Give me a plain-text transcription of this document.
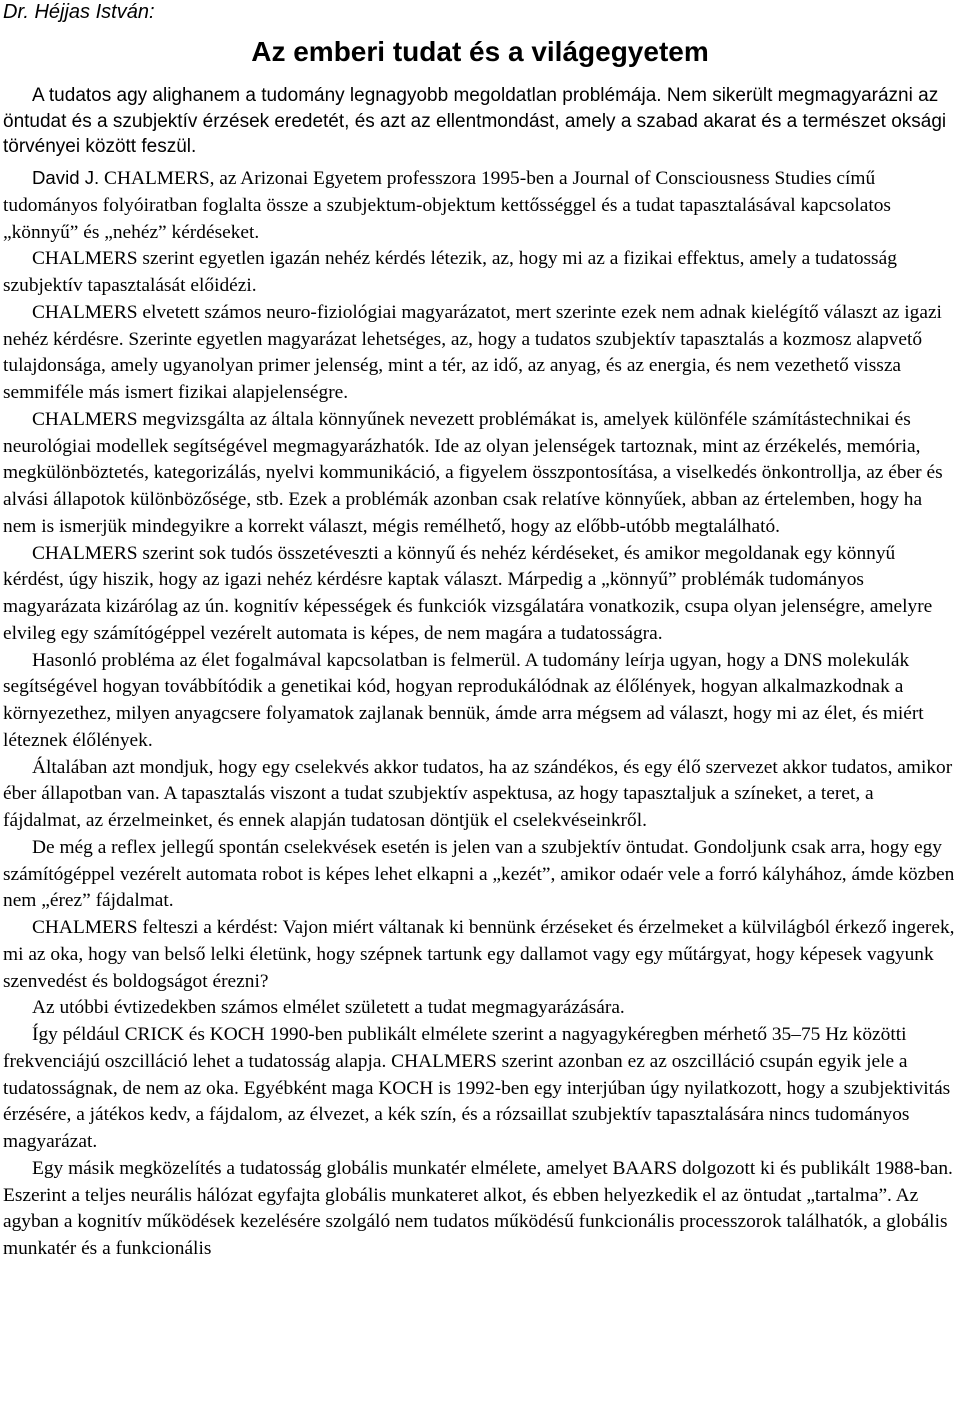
Dr. Héjjas István:

Az emberi tudat és a világegyetem

A tudatos agy alighanem a tudomány legnagyobb megoldatlan problémája. Nem sikerült megmagyarázni az öntudat és a szubjektív érzések eredetét, és azt az ellentmondást, amely a szabad akarat és a természet oksági törvényei között feszül.

David J. CHALMERS, az Arizonai Egyetem professzora 1995-ben a Journal of Consciousness Studies című tudományos folyóiratban foglalta össze a szubjektum-objektum kettősséggel és a tudat tapasztalásával kapcsolatos „könnyű” és „nehéz” kérdéseket.

CHALMERS szerint egyetlen igazán nehéz kérdés létezik, az, hogy mi az a fizikai effektus, amely a tudatosság szubjektív tapasztalását előidézi.

CHALMERS elvetett számos neuro-fiziológiai magyarázatot, mert szerinte ezek nem adnak kielégítő választ az igazi nehéz kérdésre. Szerinte egyetlen magyarázat lehetséges, az, hogy a tudatos szubjektív tapasztalás a kozmosz alapvető tulajdonsága, amely ugyanolyan primer jelenség, mint a tér, az idő, az anyag, és az energia, és nem vezethető vissza semmiféle más ismert fizikai alapjelenségre.

CHALMERS megvizsgálta az általa könnyűnek nevezett problémákat is, amelyek különféle számítástechnikai és neurológiai modellek segítségével megmagyarázhatók. Ide az olyan jelenségek tartoznak, mint az érzékelés, memória, megkülönböztetés, kategorizálás, nyelvi kommunikáció, a figyelem összpontosítása, a viselkedés önkontrollja, az éber és alvási állapotok különbözősége, stb. Ezek a problémák azonban csak relatíve könnyűek, abban az értelemben, hogy ha nem is ismerjük mindegyikre a korrekt választ, mégis remélhető, hogy az előbb-utóbb megtalálható.

CHALMERS szerint sok tudós összetéveszti a könnyű és nehéz kérdéseket, és amikor megoldanak egy könnyű kérdést, úgy hiszik, hogy az igazi nehéz kérdésre kaptak választ. Márpedig a „könnyű” problémák tudományos magyarázata kizárólag az ún. kognitív képességek és funkciók vizsgálatára vonatkozik, csupa olyan jelenségre, amelyre elvileg egy számítógéppel vezérelt automata is képes, de nem magára a tudatosságra.

Hasonló probléma az élet fogalmával kapcsolatban is felmerül. A tudomány leírja ugyan, hogy a DNS molekulák segítségével hogyan továbbítódik a genetikai kód, hogyan reprodukálódnak az élőlények, hogyan alkalmazkodnak a környezethez, milyen anyagcsere folyamatok zajlanak bennük, ámde arra mégsem ad választ, hogy mi az élet, és miért léteznek élőlények.

Általában azt mondjuk, hogy egy cselekvés akkor tudatos, ha az szándékos, és egy élő szervezet akkor tudatos, amikor éber állapotban van. A tapasztalás viszont a tudat szubjektív aspektusa, az hogy tapasztaljuk a színeket, a teret, a fájdalmat, az érzelmeinket, és ennek alapján tudatosan döntjük el cselekvéseinkről.

De még a reflex jellegű spontán cselekvések esetén is jelen van a szubjektív öntudat. Gondoljunk csak arra, hogy egy számítógéppel vezérelt automata robot is képes lehet elkapni a „kezét”, amikor odaér vele a forró kályhához, ámde közben nem „érez” fájdalmat.

CHALMERS felteszi a kérdést: Vajon miért váltanak ki bennünk érzéseket és érzelmeket a külvilágból érkező ingerek, mi az oka, hogy van belső lelki életünk, hogy szépnek tartunk egy dallamot vagy egy műtárgyat, hogy képesek vagyunk szenvedést és boldogságot érezni?

Az utóbbi évtizedekben számos elmélet született a tudat megmagyarázására.

Így például CRICK és KOCH 1990-ben publikált elmélete szerint a nagyagykéregben mérhető 35–75 Hz közötti frekvenciájú oszcilláció lehet a tudatosság alapja. CHALMERS szerint azonban ez az oszcilláció csupán egyik jele a tudatosságnak, de nem az oka. Egyébként maga KOCH is 1992-ben egy interjúban úgy nyilatkozott, hogy a szubjektivitás érzésére, a játékos kedv, a fájdalom, az élvezet, a kék szín, és a rózsaillat szubjektív tapasztalására nincs tudományos magyarázat.

Egy másik megközelítés a tudatosság globális munkatér elmélete, amelyet BAARS dolgozott ki és publikált 1988-ban. Eszerint a teljes neurális hálózat egyfajta globális munkateret alkot, és ebben helyezkedik el az öntudat „tartalma”. Az agyban a kognitív működések kezelésére szolgáló nem tudatos működésű funkcionális processzorok találhatók, a globális munkatér és a funkcionális
